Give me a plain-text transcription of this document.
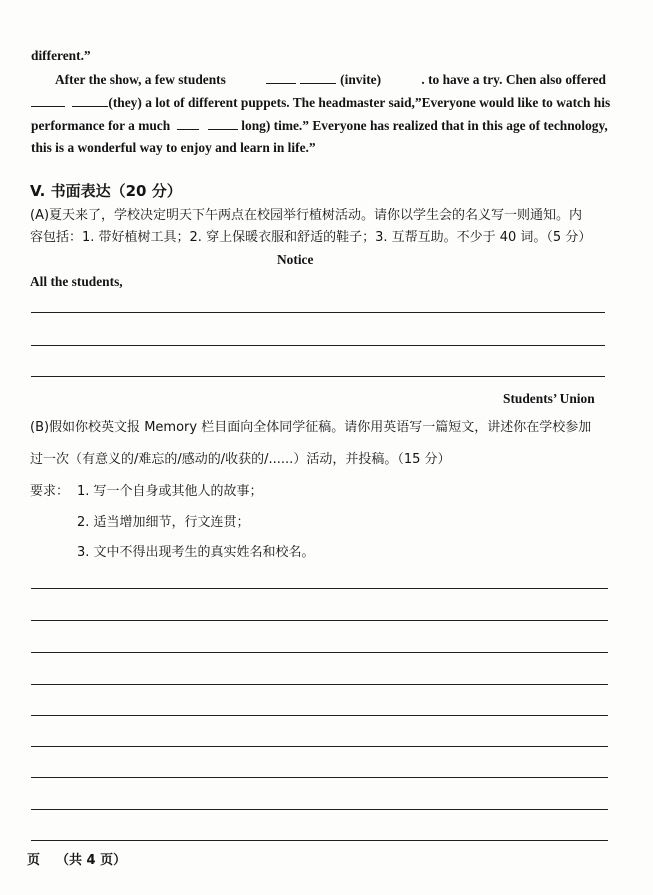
different.”
After the show, a few students	(invite)	. to have a try. Chen also offered
(they) a lot of different puppets. The headmaster said,”Everyone would like to watch his
performance for a much	long) time.” Everyone has realized that in this age of technology,
this is a wonderful way to enjoy and learn in life.”
V. 书面表达（20 分）
(A)夏天来了，学校决定明天下午两点在校园举行植树活动。请你以学生会的名义写一则通知。内
容包括：1. 带好植树工具；2. 穿上保暖衣服和舒适的鞋子；3. 互帮互助。不少于 40 词。（5 分）
Notice
All the students,
Students’ Union
(B)假如你校英文报 Memory 栏目面向全体同学征稿。请你用英语写一篇短文，讲述你在学校参加
过一次（有意义的/难忘的/感动的/收获的/......）活动，并投稿。（15 分）
要求： 1. 写一个自身或其他人的故事；
2. 适当增加细节，行文连贯；
3. 文中不得出现考生的真实姓名和校名。
页 （共 4 页）
